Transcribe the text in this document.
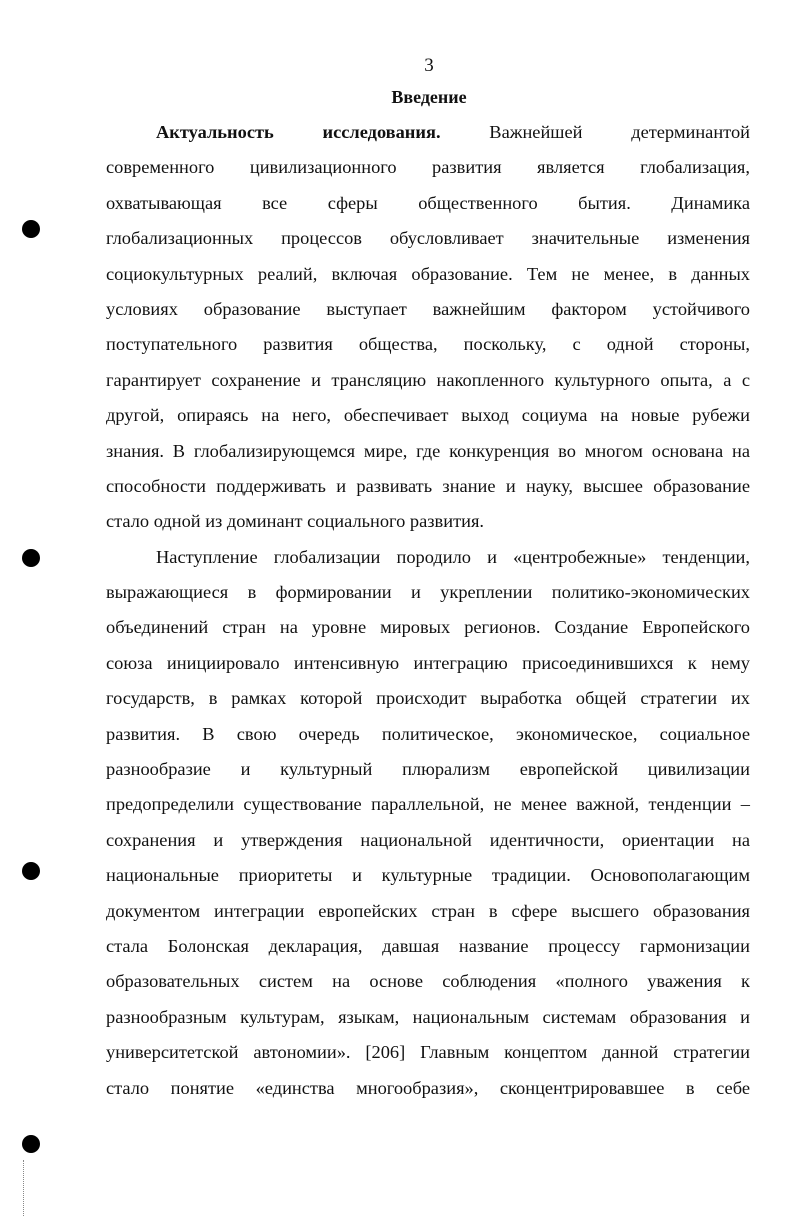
3
Введение
Актуальность исследования. Важнейшей детерминантой
современного цивилизационного развития является глобализация,
охватывающая все сферы общественного бытия. Динамика
глобализационных процессов обусловливает значительные изменения
социокультурных реалий, включая образование. Тем не менее, в данных
условиях образование выступает важнейшим фактором устойчивого
поступательного развития общества, поскольку, с одной стороны,
гарантирует сохранение и трансляцию накопленного культурного опыта, а с
другой, опираясь на него, обеспечивает выход социума на новые рубежи
знания. В глобализирующемся мире, где конкуренция во многом основана на
способности поддерживать и развивать знание и науку, высшее образование
стало одной из доминант социального развития.
Наступление глобализации породило и «центробежные» тенденции,
выражающиеся в формировании и укреплении политико-экономических
объединений стран на уровне мировых регионов. Создание Европейского
союза инициировало интенсивную интеграцию присоединившихся к нему
государств, в рамках которой происходит выработка общей стратегии их
развития. В свою очередь политическое, экономическое, социальное
разнообразие и культурный плюрализм европейской цивилизации
предопределили существование параллельной, не менее важной, тенденции –
сохранения и утверждения национальной идентичности, ориентации на
национальные приоритеты и культурные традиции. Основополагающим
документом интеграции европейских стран в сфере высшего образования
стала Болонская декларация, давшая название процессу гармонизации
образовательных систем на основе соблюдения «полного уважения к
разнообразным культурам, языкам, национальным системам образования и
университетской автономии». [206] Главным концептом данной стратегии
стало понятие «единства многообразия», сконцентрировавшее в себе
